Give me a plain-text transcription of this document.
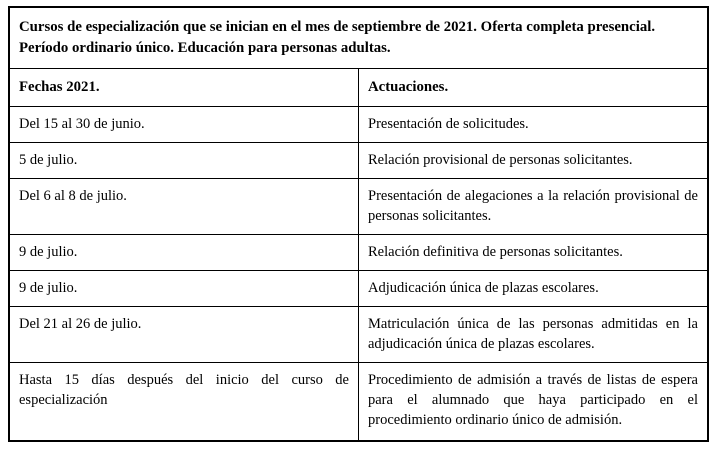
Cursos de especialización que se inician en el mes de septiembre de 2021. Oferta completa presencial. Período ordinario único. Educación para personas adultas.	
Fechas 2021.	Actuaciones.
Del 15 al 30 de junio.	Presentación de solicitudes.
5 de julio.	Relación provisional de personas solicitantes.
Del 6 al 8 de julio.	Presentación de alegaciones a la relación provisional de personas solicitantes.
9 de julio.	Relación definitiva de personas solicitantes.
9 de julio.	Adjudicación única de plazas escolares.
Del 21 al 26 de julio.	Matriculación única de las personas admitidas en la adjudicación única de plazas escolares.
Hasta 15 días después del inicio del curso de especialización	Procedimiento de admisión a través de listas de espera para el alumnado que haya participado en el procedimiento ordinario único de admisión.
